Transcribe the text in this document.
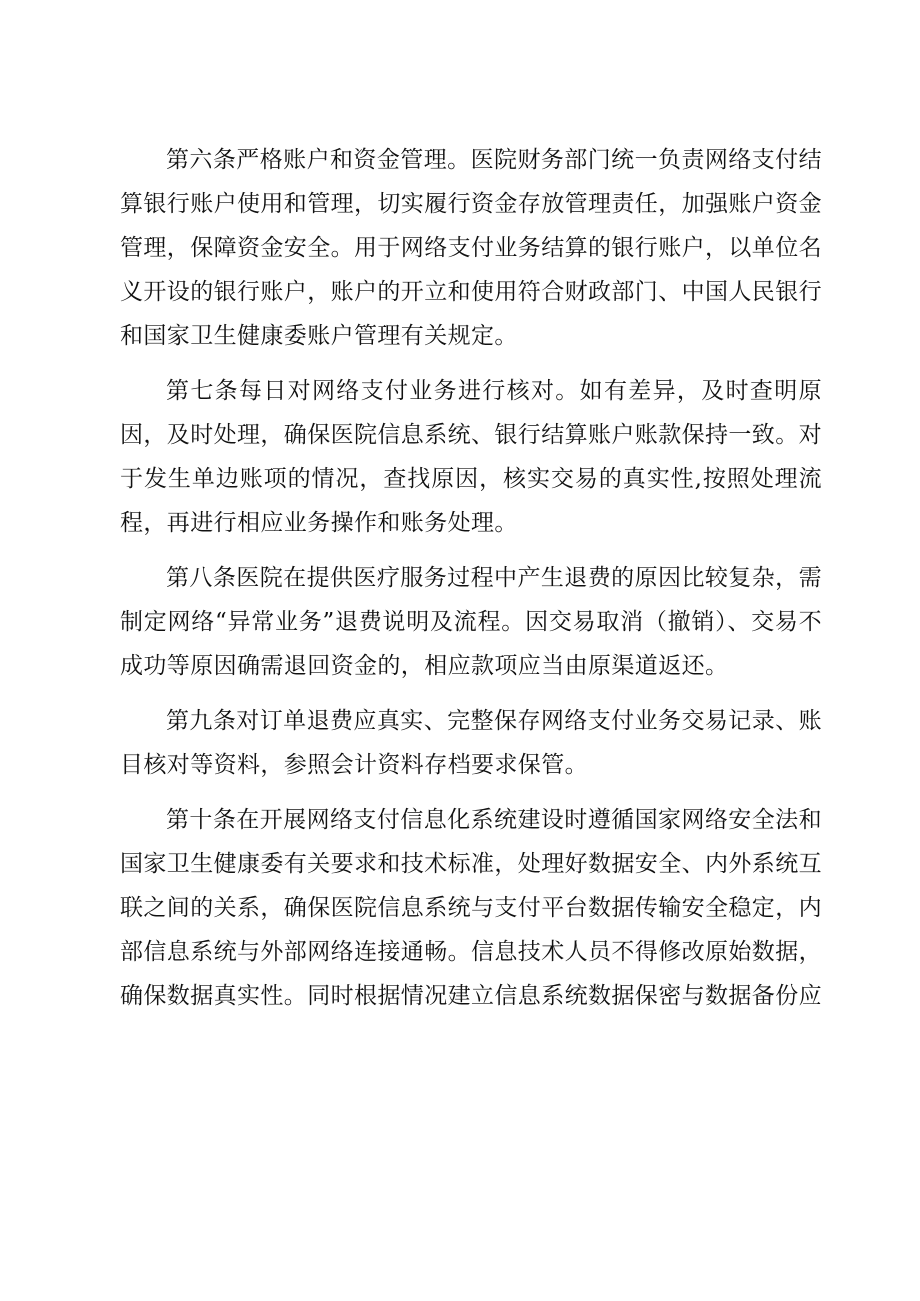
第六条严格账户和资金管理。医院财务部门统一负责网络支付结算银行账户使用和管理，切实履行资金存放管理责任，加强账户资金管理，保障资金安全。用于网络支付业务结算的银行账户，以单位名义开设的银行账户，账户的开立和使用符合财政部门、中国人民银行和国家卫生健康委账户管理有关规定。

第七条每日对网络支付业务进行核对。如有差异，及时查明原因，及时处理，确保医院信息系统、银行结算账户账款保持一致。对于发生单边账项的情况，查找原因，核实交易的真实性,按照处理流程，再进行相应业务操作和账务处理。

第八条医院在提供医疗服务过程中产生退费的原因比较复杂，需制定网络“异常业务”退费说明及流程。因交易取消（撤销）、交易不成功等原因确需退回资金的，相应款项应当由原渠道返还。

第九条对订单退费应真实、完整保存网络支付业务交易记录、账目核对等资料，参照会计资料存档要求保管。

第十条在开展网络支付信息化系统建设时遵循国家网络安全法和国家卫生健康委有关要求和技术标准，处理好数据安全、内外系统互联之间的关系，确保医院信息系统与支付平台数据传输安全稳定，内部信息系统与外部网络连接通畅。信息技术人员不得修改原始数据，确保数据真实性。同时根据情况建立信息系统数据保密与数据备份应
